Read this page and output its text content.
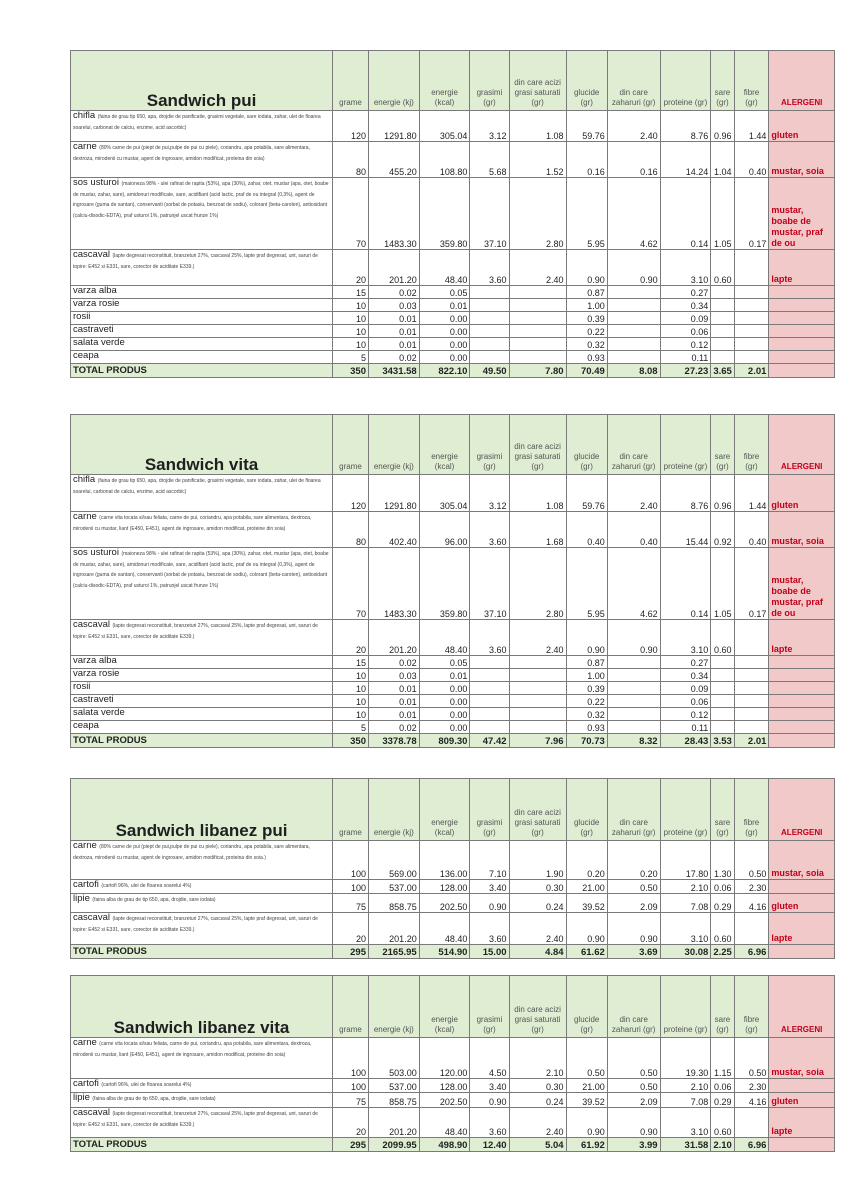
Sandwich pui	grame	energie (kj)	energie (kcal)	grasimi (gr)	din care acizi grasi saturati (gr)	glucide (gr)	din care zaharuri (gr)	proteine (gr)	sare (gr)	fibre (gr)	ALERGENI
chifla (faina de grau tip 650, apa, drojdie de panificatie, grasimi vegetale, sare iodata, zahar, ulei de floarea soarelui, carbonat de calciu, enzime, acid ascorbic)	120	1291.80	305.04	3.12	1.08	59.76	2.40	8.76	0.96	1.44	gluten
carne (80% carne de pui (piept de pui,pulpe de pui cu piele), coriandru, apa potabila, sare alimentara, dextroza, mirodenii cu mustar, agent de ingrosare, amidon modificat, proteina din soia)	80	455.20	108.80	5.68	1.52	0.16	0.16	14.24	1.04	0.40	mustar, soia
sos usturoi (maioneza 98% - ulei rafinat de rapita (53%), apa (30%), zahar, otet, mustar (apa, otet, boabe de mustar, zahar, sare), amidonuri modificate, sare, acidifiant (acid lactic, praf de ou integral (0,3%), agent de ingrosare (guma de xantan), conservanti (sorbat de potasiu, benzoat de sodiu), colorant (beta-caroten), antioxidant (calciu-disodic-EDTA), praf usturoi 1%, patrunjel uscat frunze 1%)	70	1483.30	359.80	37.10	2.80	5.95	4.62	0.14	1.05	0.17	mustar, boabe de mustar, praf de ou
cascaval (lapte degresat reconstituit, branzeturi 27%, cascaval 25%, lapte praf degresat, unt, saruri de topire: E452 si E331, sare, corector de aciditate E339.)	20	201.20	48.40	3.60	2.40	0.90	0.90	3.10	0.60		lapte
varza alba	15	0.02	0.05			0.87		0.27			
varza rosie	10	0.03	0.01			1.00		0.34			
rosii	10	0.01	0.00			0.39		0.09			
castraveti	10	0.01	0.00			0.22		0.06			
salata verde	10	0.01	0.00			0.32		0.12			
ceapa	5	0.02	0.00			0.93		0.11			
TOTAL PRODUS	350	3431.58	822.10	49.50	7.80	70.49	8.08	27.23	3.65	2.01	
Sandwich vita	grame	energie (kj)	energie (kcal)	grasimi (gr)	din care acizi grasi saturati (gr)	glucide (gr)	din care zaharuri (gr)	proteine (gr)	sare (gr)	fibre (gr)	ALERGENI
chifla (faina de grau tip 650, apa, drojdie de panificatie, grasimi vegetale, sare iodata, zahar, ulei de floarea soarelui, carbonat de calciu, enzime, acid ascorbic)	120	1291.80	305.04	3.12	1.08	59.76	2.40	8.76	0.96	1.44	gluten
carne (carne vita tocata si/sau feliata, carne de pui, coriandru, apa potabila, sare alimentara, dextroza, mirodenii cu mustar, liant (E450, E451), agent de ingrosare, amidon modificat, proteine din soia)	80	402.40	96.00	3.60	1.68	0.40	0.40	15.44	0.92	0.40	mustar, soia
sos usturoi (maioneza 98% - ulei rafinat de rapita (53%), apa (30%), zahar, otet, mustar (apa, otet, boabe de mustar, zahar, sare), amidonuri modificate, sare, acidifiant (acid lactic, praf de ou integral (0,3%), agent de ingrosare (guma de xantan), conservanti (sorbat de potasiu, benzoat de sodiu), colorant (beta-caroten), antioxidant (calciu-disodic-EDTA), praf usturoi 1%, patrunjel uscat frunze 1%)	70	1483.30	359.80	37.10	2.80	5.95	4.62	0.14	1.05	0.17	mustar, boabe de mustar, praf de ou
cascaval (lapte degresat reconstituit, branzeturi 27%, cascaval 25%, lapte praf degresat, unt, saruri de topire: E452 si E331, sare, corector de aciditate E339.)	20	201.20	48.40	3.60	2.40	0.90	0.90	3.10	0.60		lapte
varza alba	15	0.02	0.05			0.87		0.27			
varza rosie	10	0.03	0.01			1.00		0.34			
rosii	10	0.01	0.00			0.39		0.09			
castraveti	10	0.01	0.00			0.22		0.06			
salata verde	10	0.01	0.00			0.32		0.12			
ceapa	5	0.02	0.00			0.93		0.11			
TOTAL PRODUS	350	3378.78	809.30	47.42	7.96	70.73	8.32	28.43	3.53	2.01	
Sandwich libanez pui	grame	energie (kj)	energie (kcal)	grasimi (gr)	din care acizi grasi saturati (gr)	glucide (gr)	din care zaharuri (gr)	proteine (gr)	sare (gr)	fibre (gr)	ALERGENI
carne (80% carne de pui (piept de pui,pulpe de pui cu piele), coriandru, apa potabila, sare alimentara, dextroza, mirodenii cu mustar, agent de ingrosare, amidon modificat, proteina din soia.)	100	569.00	136.00	7.10	1.90	0.20	0.20	17.80	1.30	0.50	mustar, soia
cartofi (cartofi 96%, ulei de floarea soarelui 4%)	100	537.00	128.00	3.40	0.30	21.00	0.50	2.10	0.06	2.30	
lipie (faina alba de grau de tip 650, apa, drojdie, sare iodata)	75	858.75	202.50	0.90	0.24	39.52	2.09	7.08	0.29	4.16	gluten
cascaval (lapte degresat reconstituit, branzeturi 27%, cascaval 25%, lapte praf degresat, unt, saruri de topire: E452 si E331, sare, corector de aciditate E339.)	20	201.20	48.40	3.60	2.40	0.90	0.90	3.10	0.60		lapte
TOTAL PRODUS	295	2165.95	514.90	15.00	4.84	61.62	3.69	30.08	2.25	6.96	
Sandwich libanez vita	grame	energie (kj)	energie (kcal)	grasimi (gr)	din care acizi grasi saturati (gr)	glucide (gr)	din care zaharuri (gr)	proteine (gr)	sare (gr)	fibre (gr)	ALERGENI
carne (carne vita tocata si/sau feliata, carne de pui, coriandru, apa potabila, sare alimentara, dextroza, mirodenii cu mustar, liant (E450, E451), agent de ingrosare, amidon modificat, proteine din soia)	100	503.00	120.00	4.50	2.10	0.50	0.50	19.30	1.15	0.50	mustar, soia
cartofi (cartofi 96%, ulei de floarea soarelui 4%)	100	537.00	128.00	3.40	0.30	21.00	0.50	2.10	0.06	2.30	
lipie (faina alba de grau de tip 650, apa, drojdie, sare iodata)	75	858.75	202.50	0.90	0.24	39.52	2.09	7.08	0.29	4.16	gluten
cascaval (lapte degresat reconstituit, branzeturi 27%, cascaval 25%, lapte praf degresat, unt, saruri de topire: E452 si E331, sare, corector de aciditate E339.)	20	201.20	48.40	3.60	2.40	0.90	0.90	3.10	0.60		lapte
TOTAL PRODUS	295	2099.95	498.90	12.40	5.04	61.92	3.99	31.58	2.10	6.96	
